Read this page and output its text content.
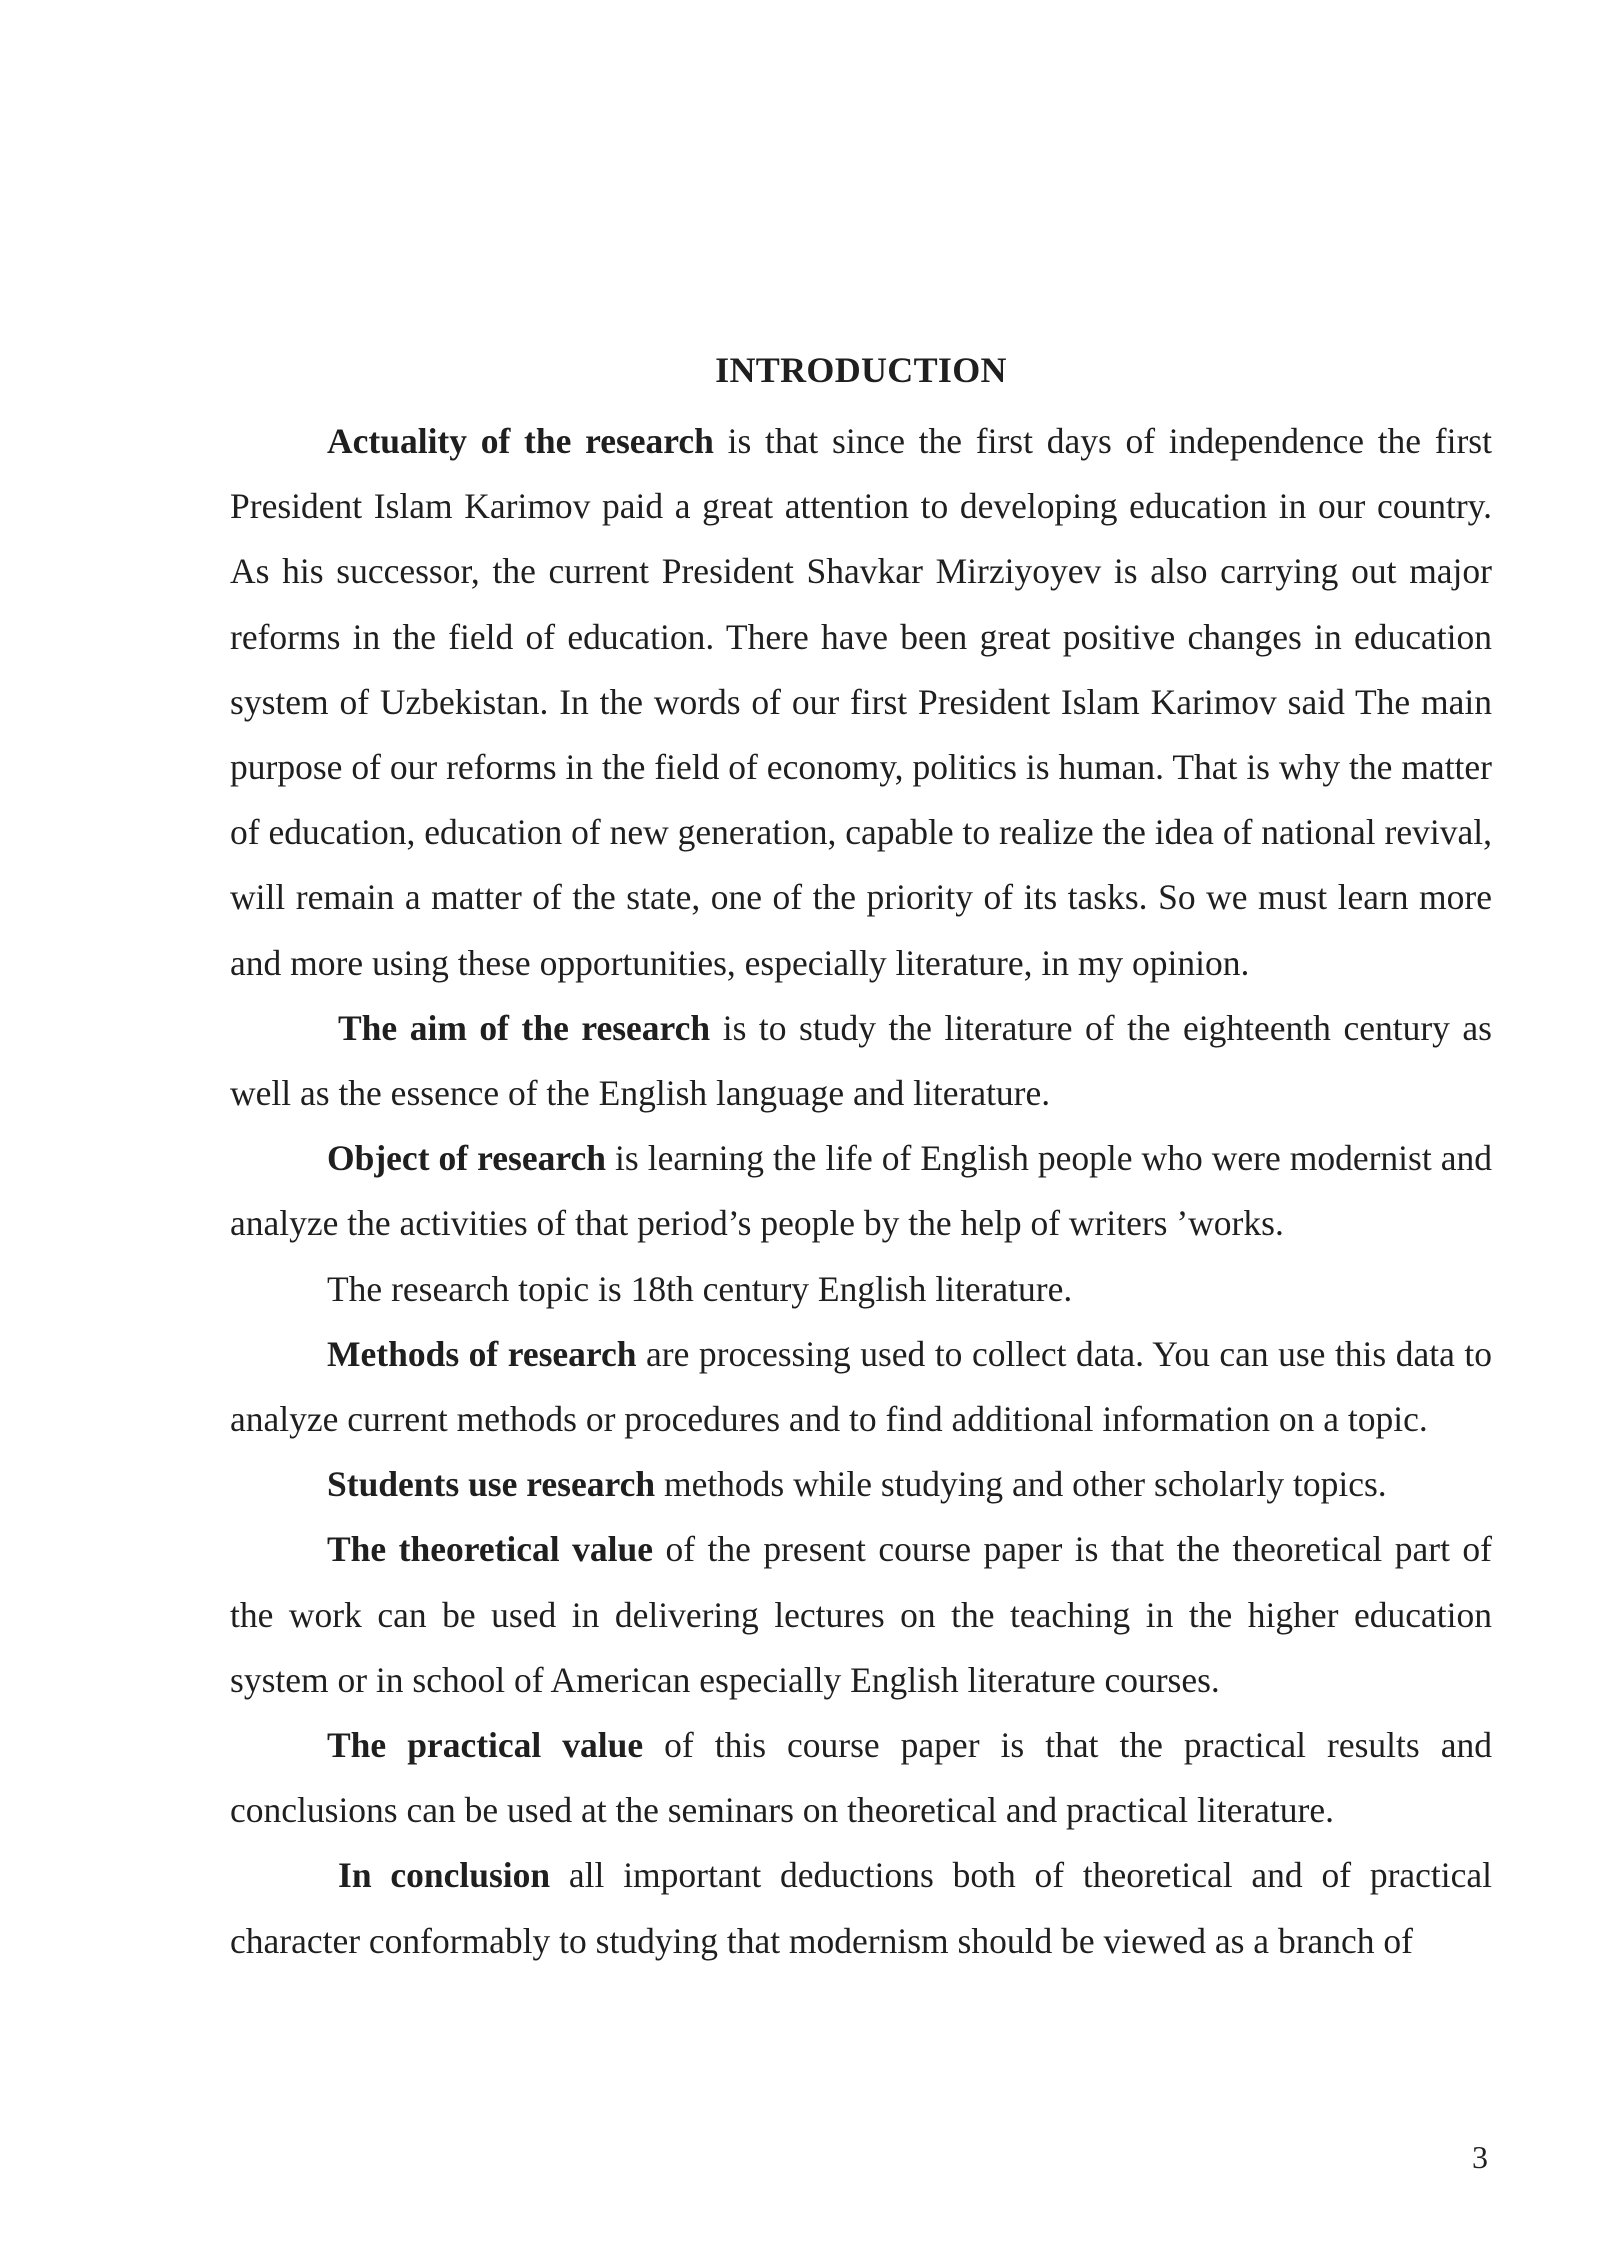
INTRODUCTION

Actuality of the research is that since the first days of independence the first President Islam Karimov paid a great attention to developing education in our country. As his successor, the current President Shavkar Mirziyoyev is also carrying out major reforms in the field of education. There have been great positive changes in education system of Uzbekistan. In the words of our first President Islam Karimov said The main purpose of our reforms in the field of economy, politics is human. That is why the matter of education, education of new generation, capable to realize the idea of national revival, will remain a matter of the state, one of the priority of its tasks. So we must learn more and more using these opportunities, especially literature, in my opinion.

The aim of the research is to study the literature of the eighteenth century as well as the essence of the English language and literature.

Object of research is learning the life of English people who were modernist and analyze the activities of that period’s people by the help of writers ’works.

The research topic is 18th century English literature.

Methods of research are processing used to collect data. You can use this data to analyze current methods or procedures and to find additional information on a topic.

Students use research methods while studying and other scholarly topics.

The theoretical value of the present course paper is that the theoretical part of the work can be used in delivering lectures on the teaching in the higher education system or in school of American especially English literature courses.

The practical value of this course paper is that the practical results and conclusions can be used at the seminars on theoretical and practical literature.

In conclusion all important deductions both of theoretical and of practical character conformably to studying that modernism should be viewed as a branch of

3
